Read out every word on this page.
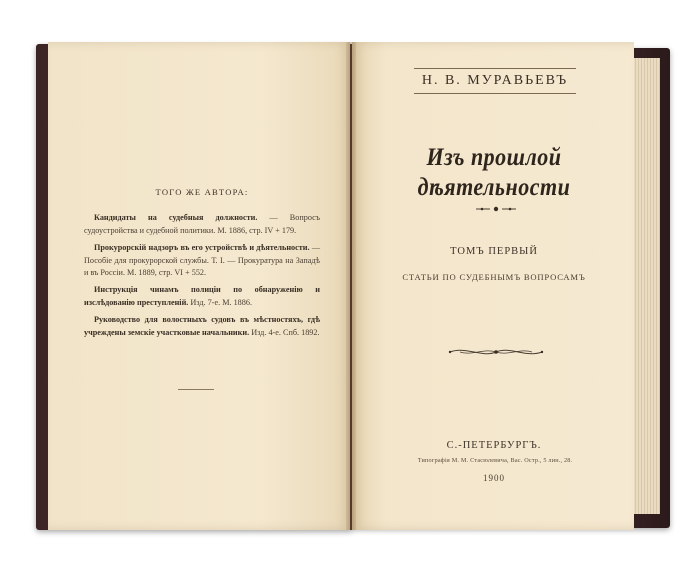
ТОГО ЖЕ АВТОРА:
Кандидаты на судебныя должности. — Вопросъ судоустройства и судебной политики. М. 1886, стр. IV + 179.
Прокурорскій надзоръ въ его устройствѣ и дѣятельности. — Пособіе для прокурорской службы. Т. I. — Прокуратура на Западѣ и въ Россіи. М. 1889, стр. VI + 552.
Инструкція чинамъ полиціи по обнаруженію и изслѣдованію преступленій. Изд. 7-е. М. 1886.
Руководство для волостныхъ судовъ въ мѣстностяхъ, гдѣ учреждены земскіе участковые начальники. Изд. 4-е. Спб. 1892.
Н. В. МУРАВЬЕВЪ
Изъ прошлой дѣятельности
ТОМЪ ПЕРВЫЙ
СТАТЬИ ПО СУДЕБНЫМЪ ВОПРОСАМЪ
С.-ПЕТЕРБУРГЪ.
Типографія М. М. Стасюлевича, Вас. Остр., 5 лин., 28.
1900
